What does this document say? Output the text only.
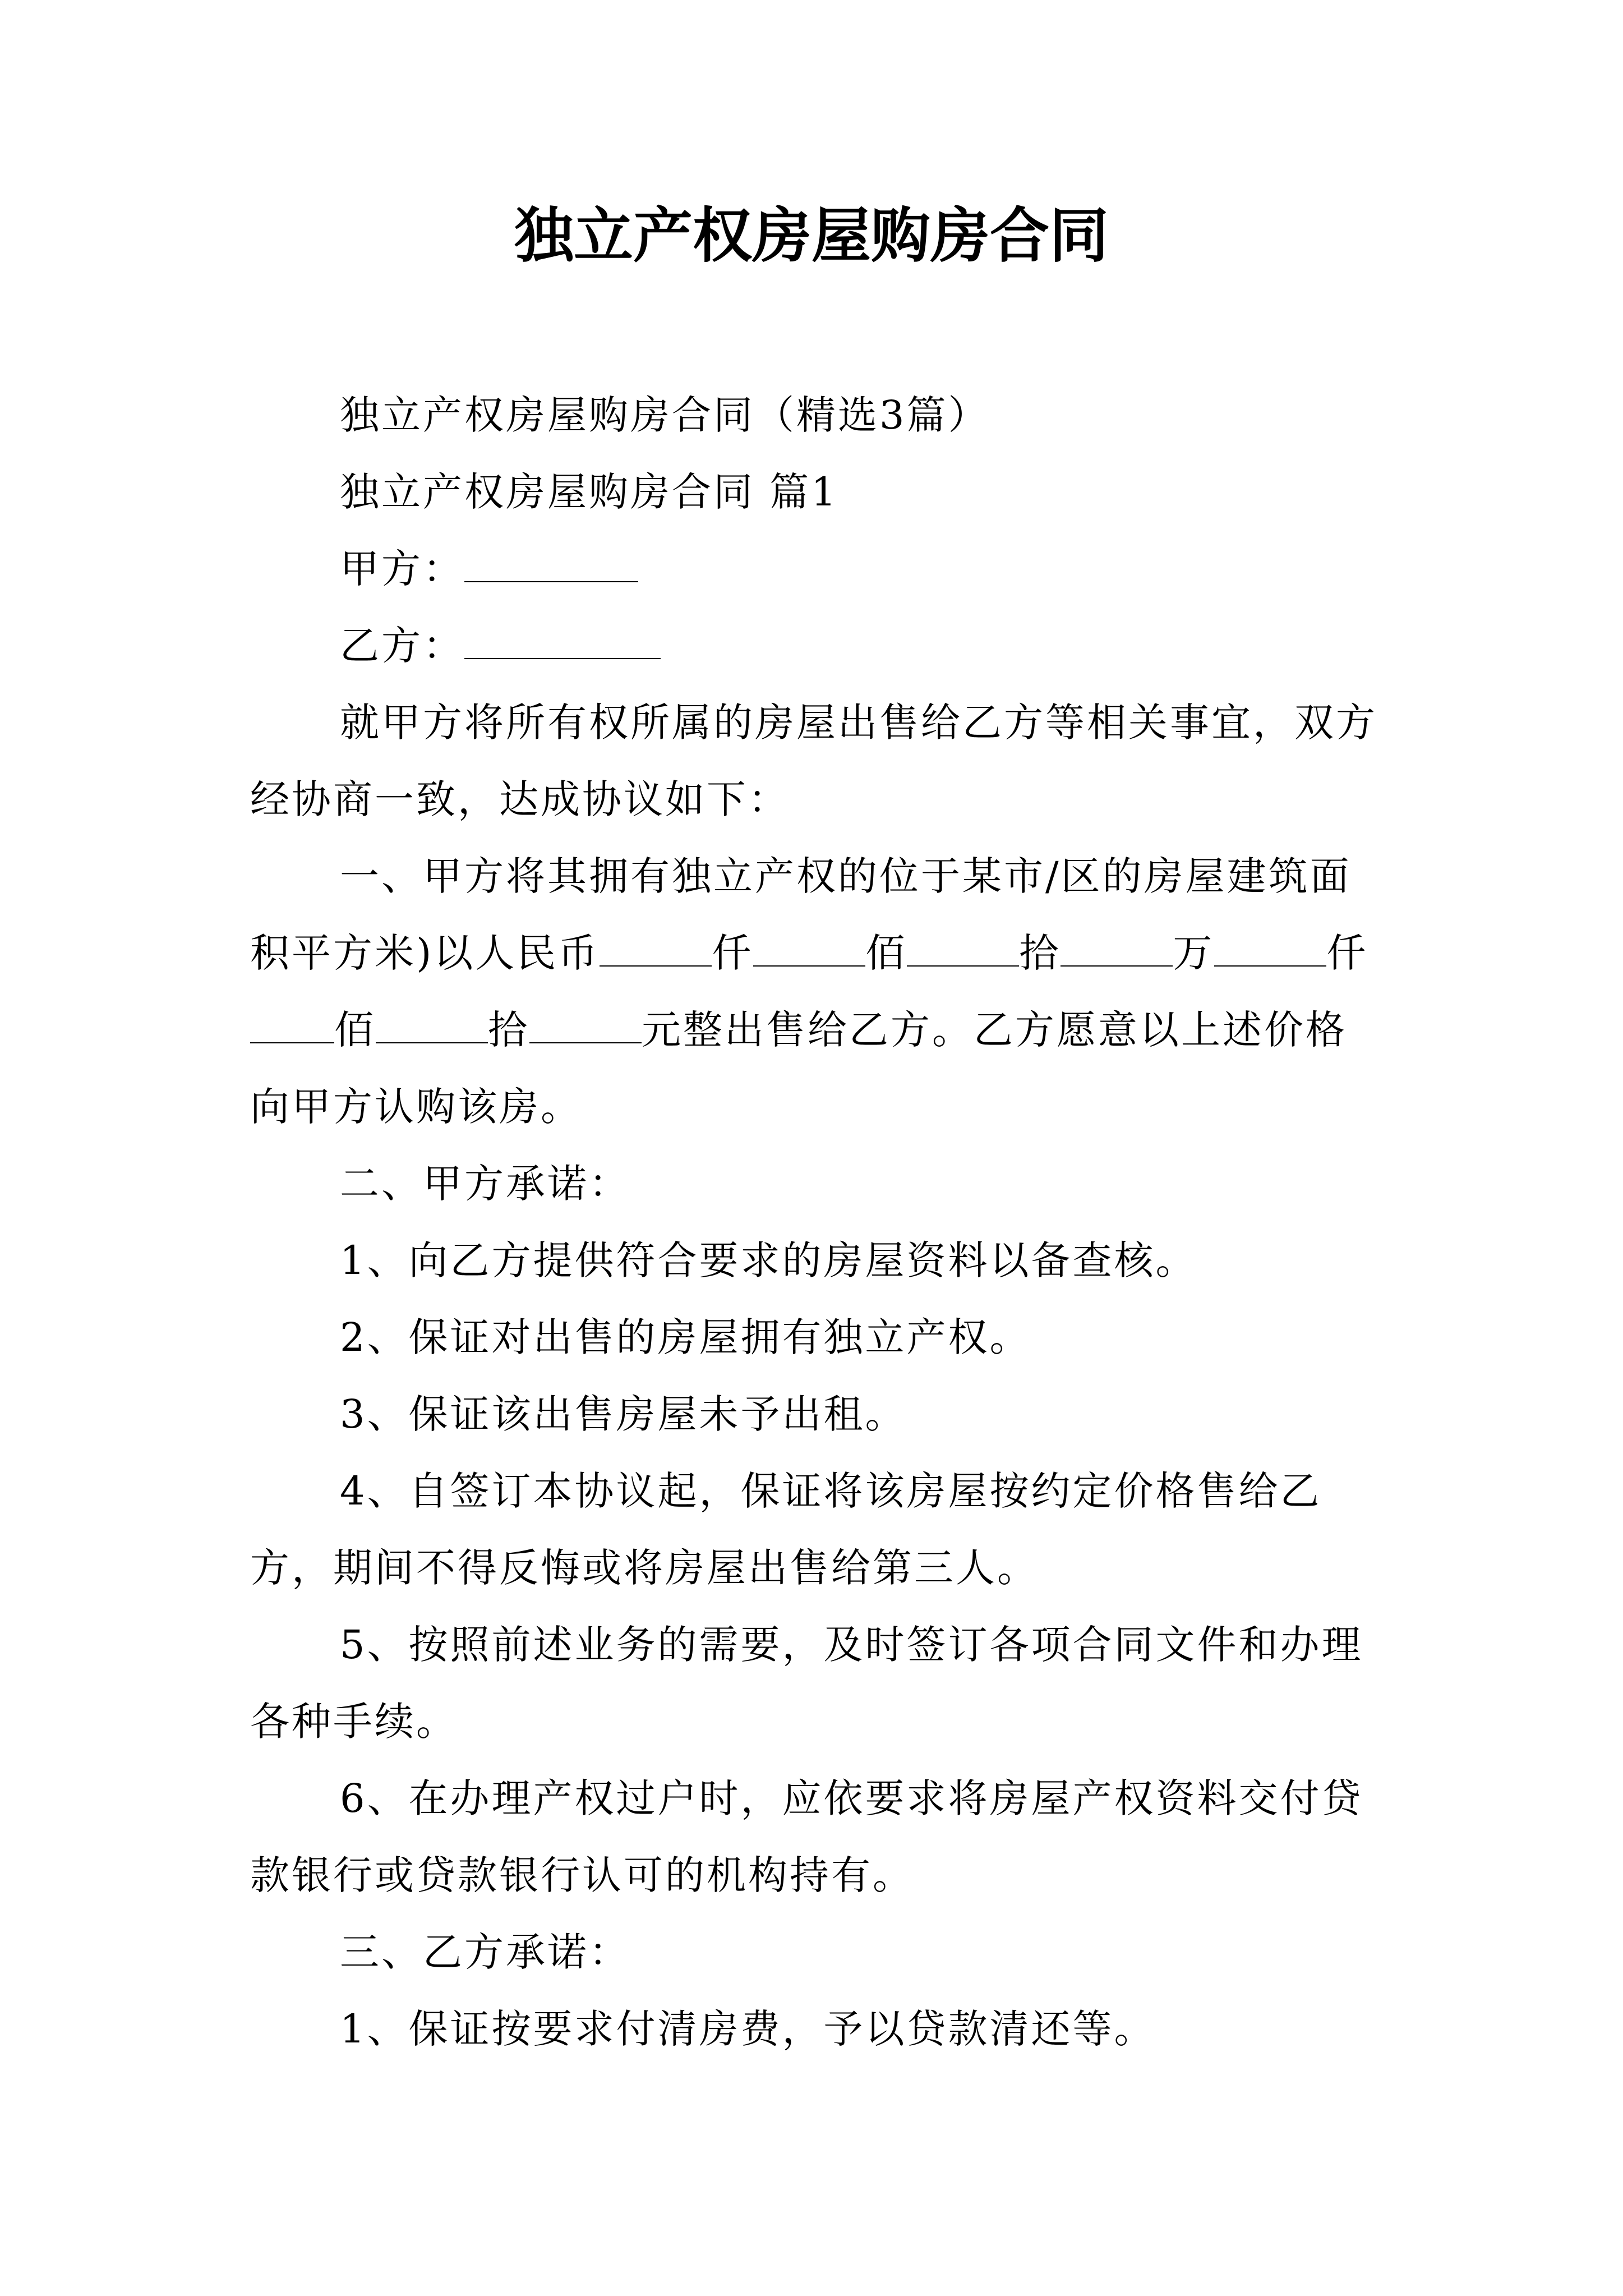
独立产权房屋购房合同

独立产权房屋购房合同（精选3篇）

独立产权房屋购房合同 篇1

甲方：

乙方：

就甲方将所有权所属的房屋出售给乙方等相关事宜，双方经协商一致，达成协议如下：

一、甲方将其拥有独立产权的位于某市/区的房屋建筑面积平方米)以人民币	仟	佰	拾	万	仟佰	拾	元整出售给乙方。乙方愿意以上述价格向甲方认购该房。

二、甲方承诺：

1、向乙方提供符合要求的房屋资料以备查核。

2、保证对出售的房屋拥有独立产权。

3、保证该出售房屋未予出租。

4、自签订本协议起，保证将该房屋按约定价格售给乙方，期间不得反悔或将房屋出售给第三人。

5、按照前述业务的需要，及时签订各项合同文件和办理各种手续。

6、在办理产权过户时，应依要求将房屋产权资料交付贷款银行或贷款银行认可的机构持有。

三、乙方承诺：

1、保证按要求付清房费，予以贷款清还等。
